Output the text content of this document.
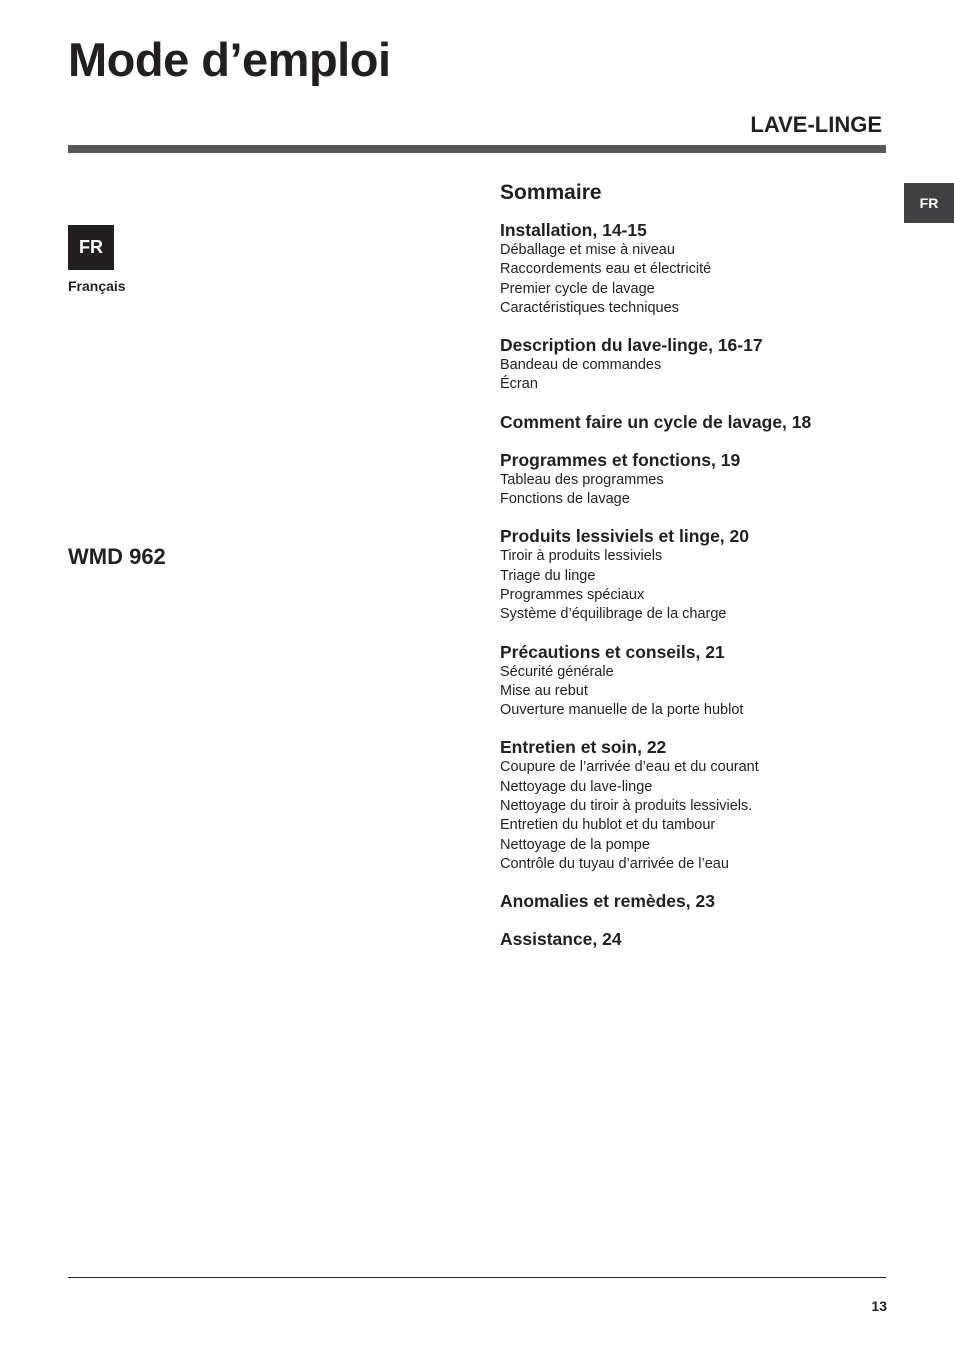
Mode d’emploi
LAVE-LINGE
FR
FR
Français
WMD 962
Sommaire
Installation, 14-15
Déballage et mise à niveau
Raccordements eau et électricité
Premier cycle de lavage
Caractéristiques techniques
Description du lave-linge, 16-17
Bandeau de commandes
Écran
Comment faire un cycle de lavage, 18
Programmes et fonctions, 19
Tableau des programmes
Fonctions de lavage
Produits lessiviels et linge, 20
Tiroir à produits lessiviels
Triage du linge
Programmes spéciaux
Système d’équilibrage de la charge
Précautions et conseils, 21
Sécurité générale
Mise au rebut
Ouverture manuelle de la porte hublot
Entretien et soin, 22
Coupure de l’arrivée d’eau et du courant
Nettoyage du lave-linge
Nettoyage du tiroir à produits lessiviels.
Entretien du hublot et du tambour
Nettoyage de la pompe
Contrôle du tuyau d’arrivée de l’eau
Anomalies et remèdes, 23
Assistance, 24
13
